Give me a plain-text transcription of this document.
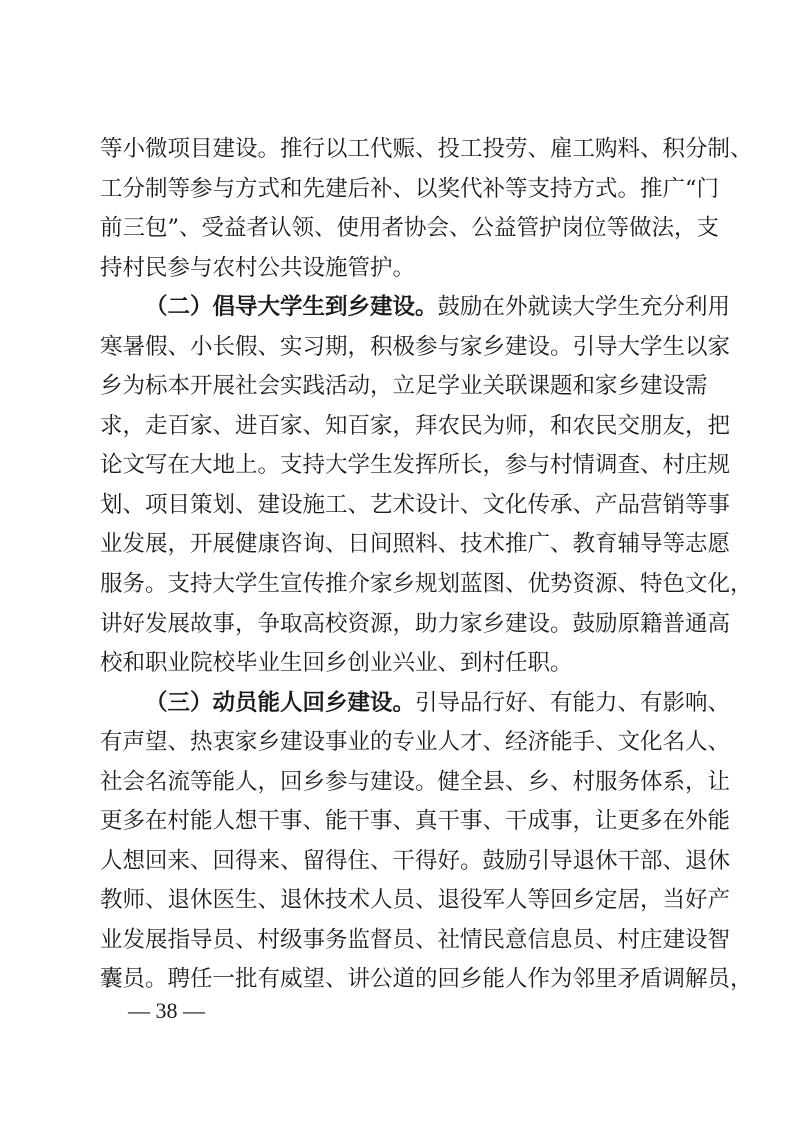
等小微项目建设。推行以工代赈、投工投劳、雇工购料、积分制、
工分制等参与方式和先建后补、以奖代补等支持方式。推广“门
前三包”、受益者认领、使用者协会、公益管护岗位等做法，支
持村民参与农村公共设施管护。
（二）倡导大学生到乡建设。鼓励在外就读大学生充分利用
寒暑假、小长假、实习期，积极参与家乡建设。引导大学生以家
乡为标本开展社会实践活动，立足学业关联课题和家乡建设需
求，走百家、进百家、知百家，拜农民为师，和农民交朋友，把
论文写在大地上。支持大学生发挥所长，参与村情调查、村庄规
划、项目策划、建设施工、艺术设计、文化传承、产品营销等事
业发展，开展健康咨询、日间照料、技术推广、教育辅导等志愿
服务。支持大学生宣传推介家乡规划蓝图、优势资源、特色文化，
讲好发展故事，争取高校资源，助力家乡建设。鼓励原籍普通高
校和职业院校毕业生回乡创业兴业、到村任职。
（三）动员能人回乡建设。引导品行好、有能力、有影响、
有声望、热衷家乡建设事业的专业人才、经济能手、文化名人、
社会名流等能人，回乡参与建设。健全县、乡、村服务体系，让
更多在村能人想干事、能干事、真干事、干成事，让更多在外能
人想回来、回得来、留得住、干得好。鼓励引导退休干部、退休
教师、退休医生、退休技术人员、退役军人等回乡定居，当好产
业发展指导员、村级事务监督员、社情民意信息员、村庄建设智
囊员。聘任一批有威望、讲公道的回乡能人作为邻里矛盾调解员，
— 38 —
